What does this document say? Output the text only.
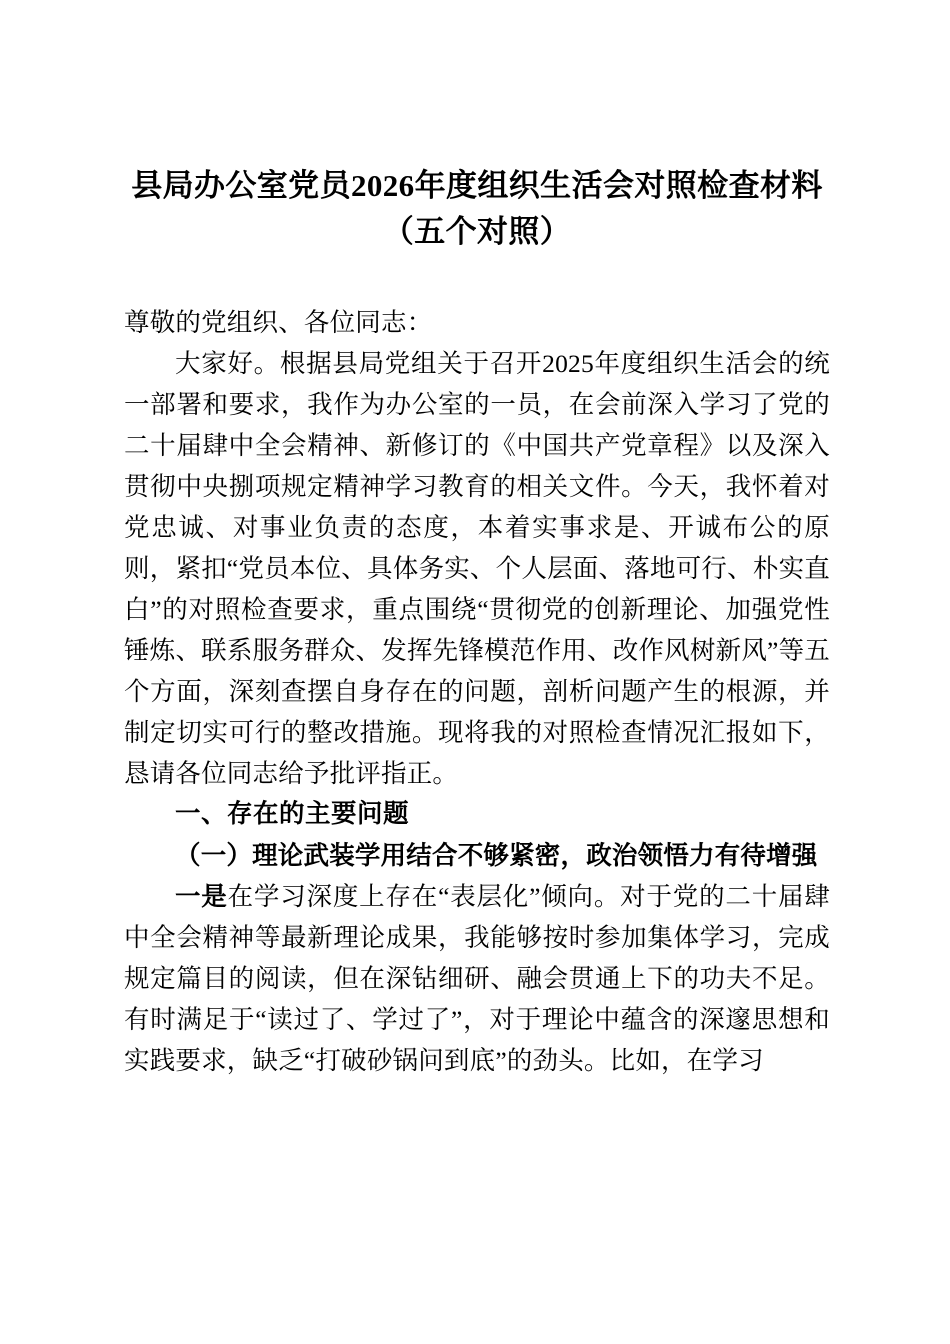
县局办公室党员2026年度组织生活会对照检查材料（五个对照）

尊敬的党组织、各位同志：

大家好。根据县局党组关于召开2025年度组织生活会的统一部署和要求，我作为办公室的一员，在会前深入学习了党的二十届肆中全会精神、新修订的《中国共产党章程》以及深入贯彻中央捌项规定精神学习教育的相关文件。今天，我怀着对党忠诚、对事业负责的态度，本着实事求是、开诚布公的原则，紧扣“党员本位、具体务实、个人层面、落地可行、朴实直白”的对照检查要求，重点围绕“贯彻党的创新理论、加强党性锤炼、联系服务群众、发挥先锋模范作用、改作风树新风”等五个方面，深刻查摆自身存在的问题，剖析问题产生的根源，并制定切实可行的整改措施。现将我的对照检查情况汇报如下，恳请各位同志给予批评指正。

一、存在的主要问题

（一）理论武装学用结合不够紧密，政治领悟力有待增强

一是在学习深度上存在“表层化”倾向。对于党的二十届肆中全会精神等最新理论成果，我能够按时参加集体学习，完成规定篇目的阅读，但在深钻细研、融会贯通上下的功夫不足。有时满足于“读过了、学过了”，对于理论中蕴含的深邃思想和实践要求，缺乏“打破砂锅问到底”的劲头。比如，在学习
